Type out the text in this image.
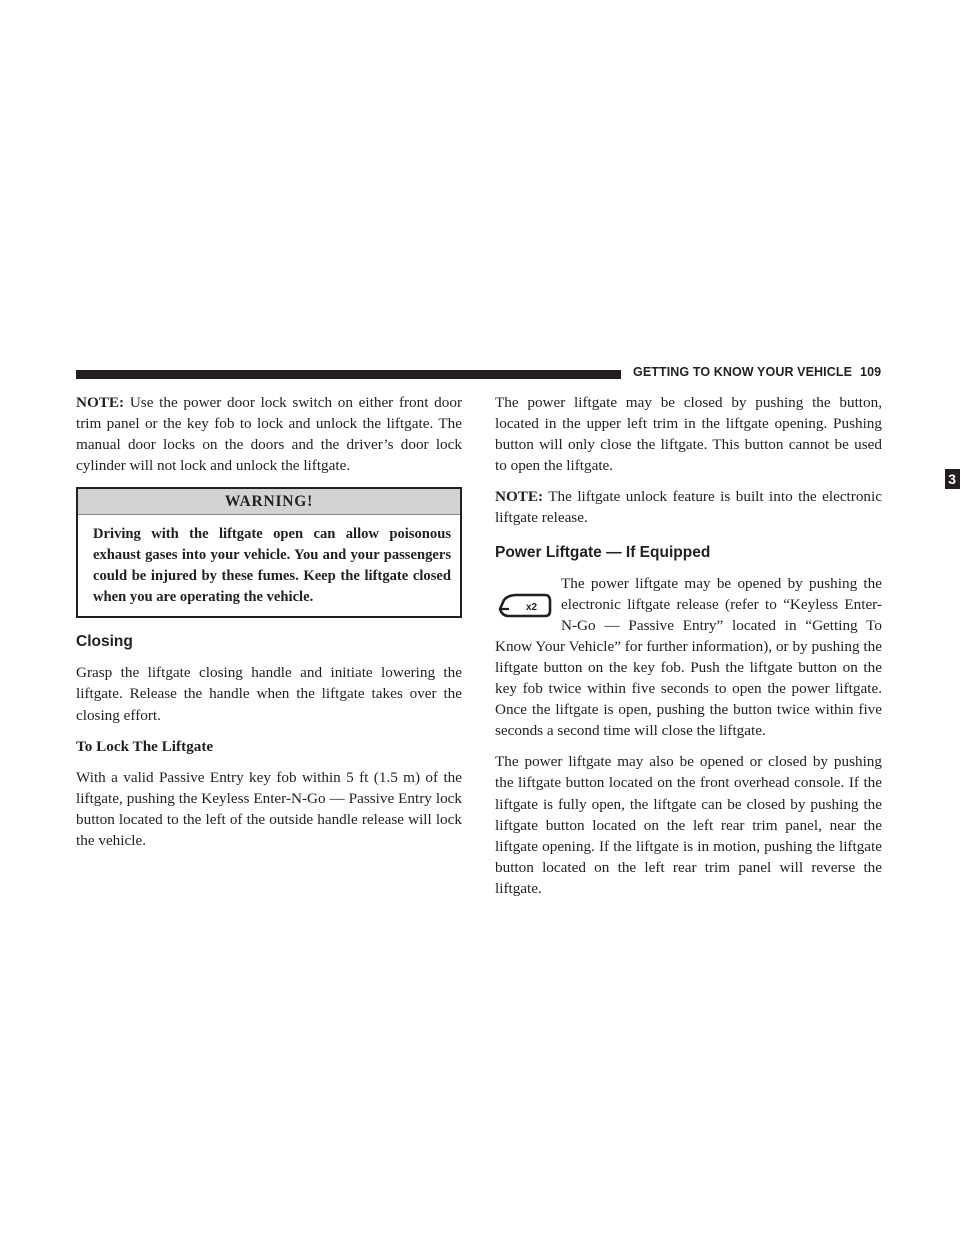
GETTING TO KNOW YOUR VEHICLE 109
3

NOTE: Use the power door lock switch on either front door trim panel or the key fob to lock and unlock the liftgate. The manual door locks on the doors and the driver’s door lock cylinder will not lock and unlock the liftgate.

WARNING!
Driving with the liftgate open can allow poisonous exhaust gases into your vehicle. You and your passengers could be injured by these fumes. Keep the liftgate closed when you are operating the vehicle.
Closing

Grasp the liftgate closing handle and initiate lowering the liftgate. Release the handle when the liftgate takes over the closing effort.

To Lock The Liftgate

With a valid Passive Entry key fob within 5 ft (1.5 m) of the liftgate, pushing the Keyless Enter-N-Go — Passive Entry lock button located to the left of the outside handle release will lock the vehicle.

The power liftgate may be closed by pushing the button, located in the upper left trim in the liftgate opening. Pushing button will only close the liftgate. This button cannot be used to open the liftgate.

NOTE: The liftgate unlock feature is built into the electronic liftgate release.

Power Liftgate — If Equipped
x2

The power liftgate may be opened by pushing the electronic liftgate release (refer to “Keyless Enter-N-Go — Passive Entry” located in “Getting To Know Your Vehicle” for further information), or by pushing the liftgate button on the key fob. Push the liftgate button on the key fob twice within five seconds to open the power liftgate. Once the liftgate is open, pushing the button twice within five seconds a second time will close the liftgate.

The power liftgate may also be opened or closed by pushing the liftgate button located on the front overhead console. If the liftgate is fully open, the liftgate can be closed by pushing the liftgate button located on the left rear trim panel, near the liftgate opening. If the liftgate is in motion, pushing the liftgate button located on the left rear trim panel will reverse the liftgate.
